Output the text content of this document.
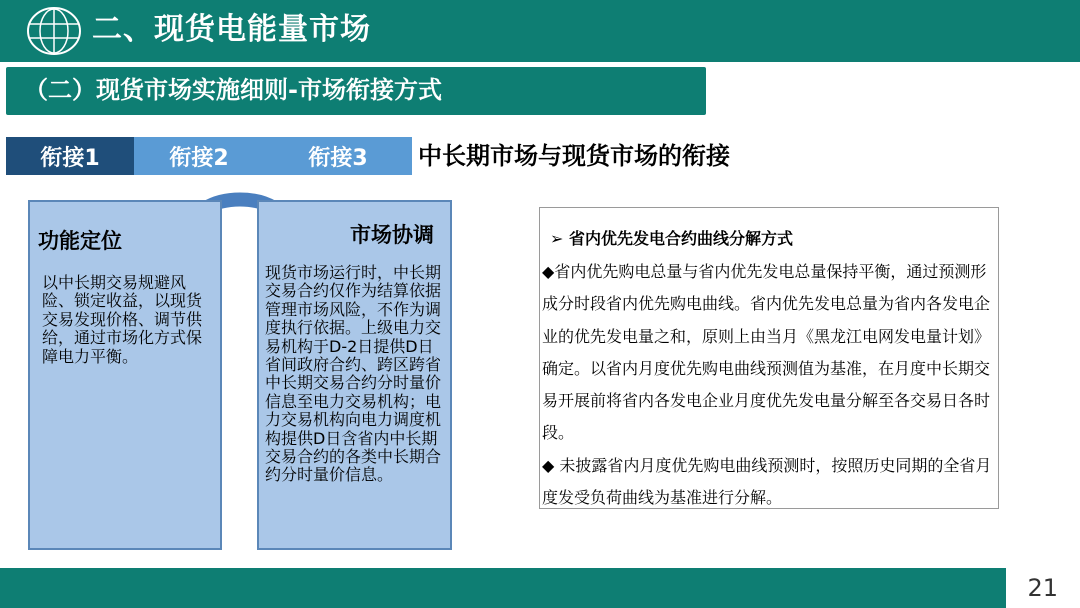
二、现货电能量市场
（二）现货市场实施细则-市场衔接方式
衔接1	衔接2	衔接3	中长期市场与现货市场的衔接
功能定位
以中长期交易规避风险、锁定收益，以现货交易发现价格、调节供给，通过市场化方式保障电力平衡。
市场协调
现货市场运行时，中长期交易合约仅作为结算依据管理市场风险，不作为调度执行依据。上级电力交易机构于D-2日提供D日省间政府合约、跨区跨省中长期交易合约分时量价信息至电力交易机构；电力交易机构向电力调度机构提供D日含省内中长期交易合约的各类中长期合约分时量价信息。
➢ 省内优先发电合约曲线分解方式
◆省内优先购电总量与省内优先发电总量保持平衡，通过预测形成分时段省内优先购电曲线。省内优先发电总量为省内各发电企业的优先发电量之和，原则上由当月《黑龙江电网发电量计划》确定。以省内月度优先购电曲线预测值为基准，在月度中长期交易开展前将省内各发电企业月度优先发电量分解至各交易日各时段。
◆ 未披露省内月度优先购电曲线预测时，按照历史同期的全省月度发受负荷曲线为基准进行分解。
21
